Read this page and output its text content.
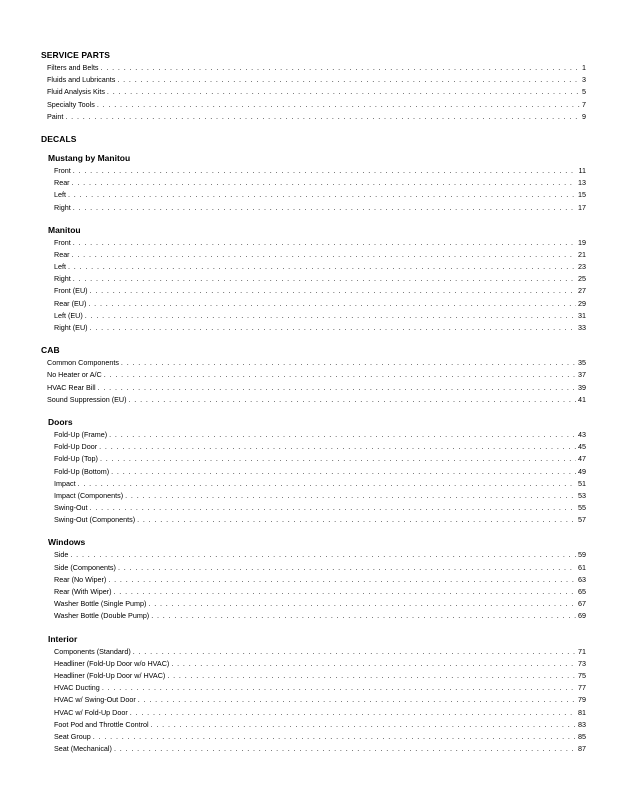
SERVICE PARTS
Filters and Belts . . .	1
Fluids and Lubricants . . .	3
Fluid Analysis Kits . . .	5
Specialty Tools . . .	7
Paint . . .	9
DECALS
Mustang by Manitou
Front . . .	11
Rear . . .	13
Left . . .	15
Right . . .	17
Manitou
Front . . .	19
Rear . . .	21
Left . . .	23
Right . . .	25
Front (EU) . . .	27
Rear (EU) . . .	29
Left (EU) . . .	31
Right (EU) . . .	33
CAB
Common Components . . .	35
No Heater or A/C . . .	37
HVAC Rear Bill . . .	39
Sound Suppression (EU) . . .	41
Doors
Fold-Up (Frame) . . .	43
Fold-Up Door . . .	45
Fold-Up (Top) . . .	47
Fold-Up (Bottom) . . .	49
Impact . . .	51
Impact (Components) . . .	53
Swing-Out . . .	55
Swing-Out (Components) . . .	57
Windows
Side . . .	59
Side (Components) . . .	61
Rear (No Wiper) . . .	63
Rear (With Wiper) . . .	65
Washer Bottle (Single Pump) . . .	67
Washer Bottle (Double Pump) . . .	69
Interior
Components (Standard) . . .	71
Headliner (Fold-Up Door w/o HVAC) . . .	73
Headliner (Fold-Up Door w/ HVAC) . . .	75
HVAC Ducting . . .	77
HVAC w/ Swing-Out Door . . .	79
HVAC w/ Fold-Up Door . . .	81
Foot Pod and Throttle Control . . .	83
Seat Group . . .	85
Seat (Mechanical) . . .	87
